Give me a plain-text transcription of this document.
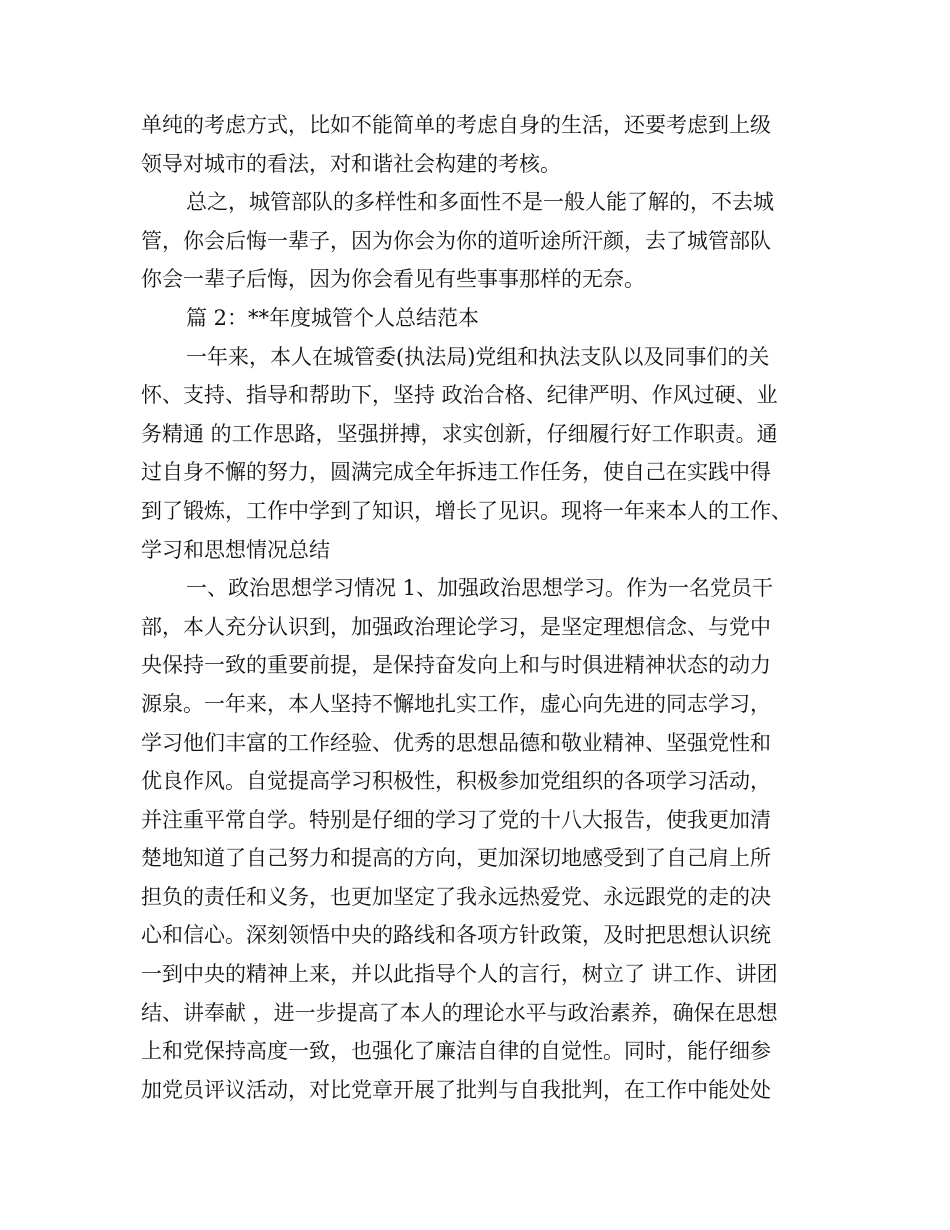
单纯的考虑方式，比如不能简单的考虑自身的生活，还要考虑到上级
领导对城市的看法，对和谐社会构建的考核。
总之，城管部队的多样性和多面性不是一般人能了解的，不去城
管，你会后悔一辈子，因为你会为你的道听途所汗颜，去了城管部队
你会一辈子后悔，因为你会看见有些事事那样的无奈。
篇 2：**年度城管个人总结范本
一年来，本人在城管委(执法局)党组和执法支队以及同事们的关
怀、支持、指导和帮助下，坚持 政治合格、纪律严明、作风过硬、业
务精通 的工作思路，坚强拼搏，求实创新，仔细履行好工作职责。通
过自身不懈的努力，圆满完成全年拆违工作任务，使自己在实践中得
到了锻炼，工作中学到了知识，增长了见识。现将一年来本人的工作、
学习和思想情况总结
一、政治思想学习情况 1、加强政治思想学习。作为一名党员干
部，本人充分认识到，加强政治理论学习，是坚定理想信念、与党中
央保持一致的重要前提，是保持奋发向上和与时俱进精神状态的动力
源泉。一年来，本人坚持不懈地扎实工作，虚心向先进的同志学习，
学习他们丰富的工作经验、优秀的思想品德和敬业精神、坚强党性和
优良作风。自觉提高学习积极性，积极参加党组织的各项学习活动，
并注重平常自学。特别是仔细的学习了党的十八大报告，使我更加清
楚地知道了自己努力和提高的方向，更加深切地感受到了自己肩上所
担负的责任和义务，也更加坚定了我永远热爱党、永远跟党的走的决
心和信心。深刻领悟中央的路线和各项方针政策，及时把思想认识统
一到中央的精神上来，并以此指导个人的言行，树立了 讲工作、讲团
结、讲奉献 ，进一步提高了本人的理论水平与政治素养，确保在思想
上和党保持高度一致，也强化了廉洁自律的自觉性。同时，能仔细参
加党员评议活动，对比党章开展了批判与自我批判，在工作中能处处
